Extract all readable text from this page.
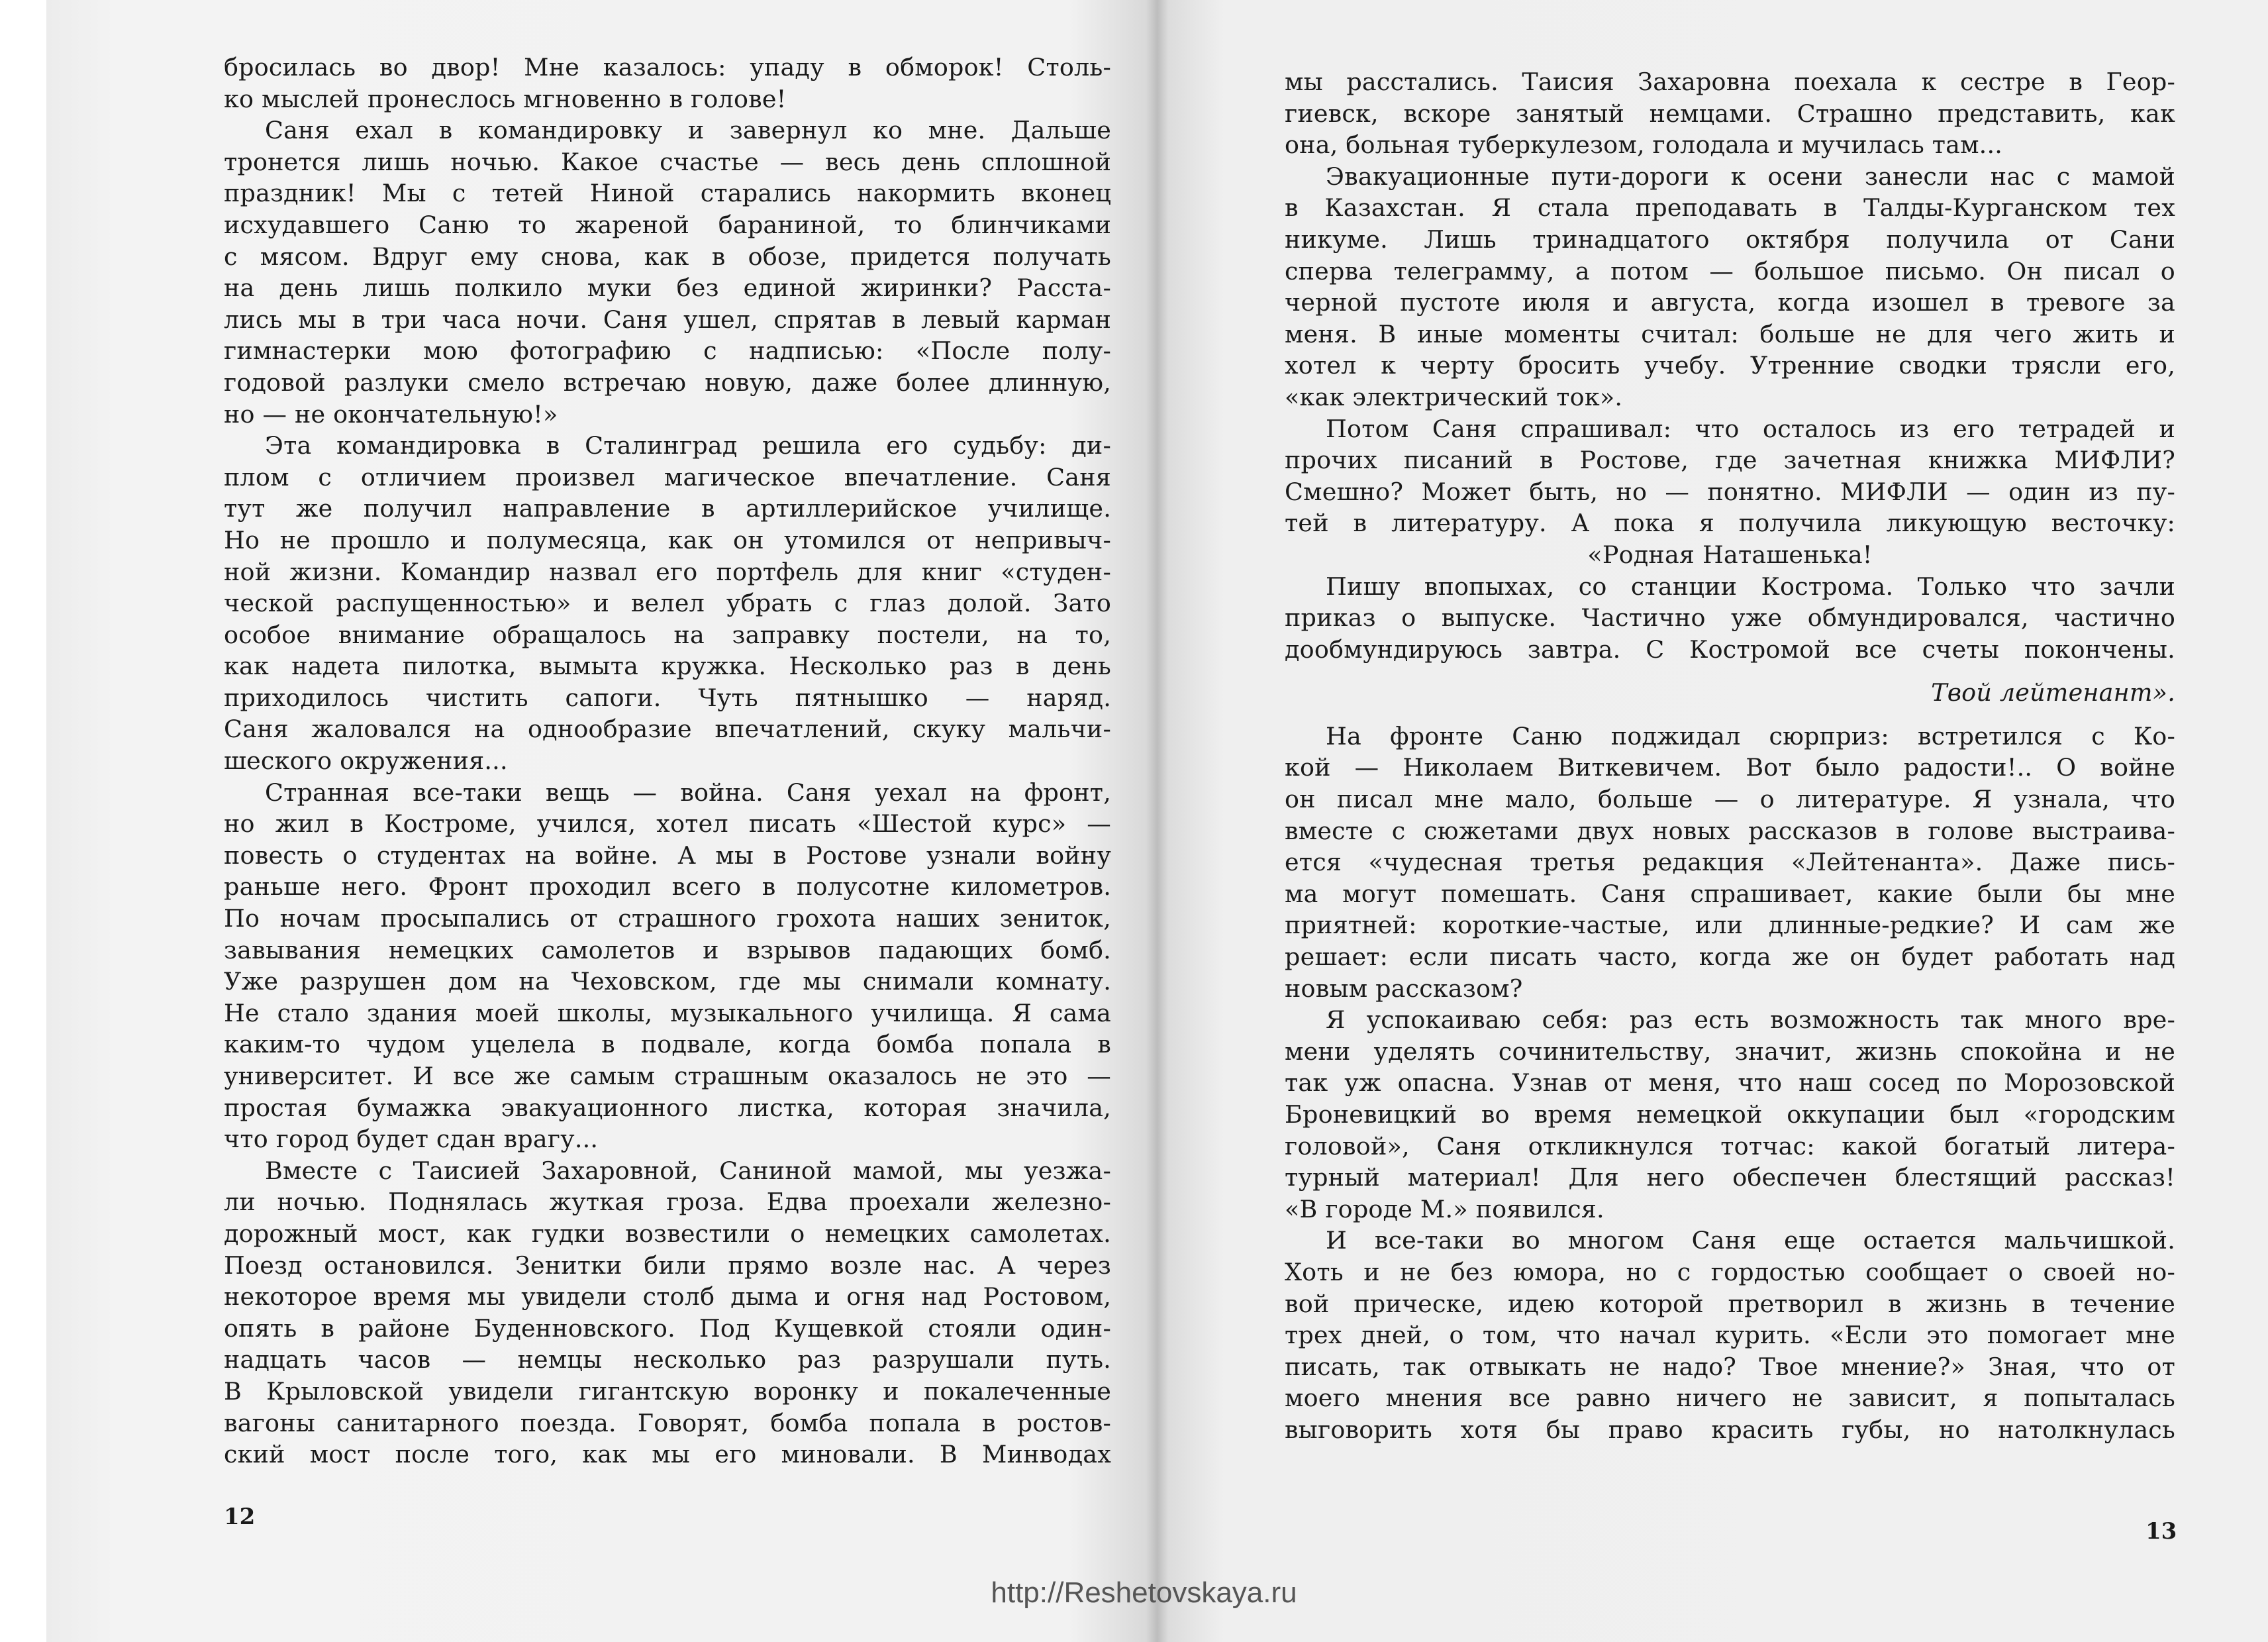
бросилась во двор! Мне казалось: упаду в обморок! Столь-
ко мыслей пронеслось мгновенно в голове!
Саня ехал в командировку и завернул ко мне. Дальше
тронется лишь ночью. Какое счастье — весь день сплошной
праздник! Мы с тетей Ниной старались накормить вконец
исхудавшего Саню то жареной бараниной, то блинчиками
с мясом. Вдруг ему снова, как в обозе, придется получать
на день лишь полкило муки без единой жиринки? Расста-
лись мы в три часа ночи. Саня ушел, спрятав в левый карман
гимнастерки мою фотографию с надписью: «После полу-
годовой разлуки смело встречаю новую, даже более длинную,
но — не окончательную!»
Эта командировка в Сталинград решила его судьбу: ди-
плом с отличием произвел магическое впечатление. Саня
тут же получил направление в артиллерийское училище.
Но не прошло и полумесяца, как он утомился от непривыч-
ной жизни. Командир назвал его портфель для книг «студен-
ческой распущенностью» и велел убрать с глаз долой. Зато
особое внимание обращалось на заправку постели, на то,
как надета пилотка, вымыта кружка. Несколько раз в день
приходилось чистить сапоги. Чуть пятнышко — наряд.
Саня жаловался на однообразие впечатлений, скуку мальчи-
шеского окружения...
Странная все-таки вещь — война. Саня уехал на фронт,
но жил в Костроме, учился, хотел писать «Шестой курс» —
повесть о студентах на войне. А мы в Ростове узнали войну
раньше него. Фронт проходил всего в полусотне километров.
По ночам просыпались от страшного грохота наших зениток,
завывания немецких самолетов и взрывов падающих бомб.
Уже разрушен дом на Чеховском, где мы снимали комнату.
Не стало здания моей школы, музыкального училища. Я сама
каким-то чудом уцелела в подвале, когда бомба попала в
университет. И все же самым страшным оказалось не это —
простая бумажка эвакуационного листка, которая значила,
что город будет сдан врагу...
Вместе с Таисией Захаровной, Саниной мамой, мы уезжа-
ли ночью. Поднялась жуткая гроза. Едва проехали железно-
дорожный мост, как гудки возвестили о немецких самолетах.
Поезд остановился. Зенитки били прямо возле нас. А через
некоторое время мы увидели столб дыма и огня над Ростовом,
опять в районе Буденновского. Под Кущевкой стояли один-
надцать часов — немцы несколько раз разрушали путь.
В Крыловской увидели гигантскую воронку и покалеченные
вагоны санитарного поезда. Говорят, бомба попала в ростов-
ский мост после того, как мы его миновали. В Минводах
мы расстались. Таисия Захаровна поехала к сестре в Геор-
гиевск, вскоре занятый немцами. Страшно представить, как
она, больная туберкулезом, голодала и мучилась там...
Эвакуационные пути-дороги к осени занесли нас с мамой
в Казахстан. Я стала преподавать в Талды-Курганском тех
никуме. Лишь тринадцатого октября получила от Сани
сперва телеграмму, а потом — большое письмо. Он писал о
черной пустоте июля и августа, когда изошел в тревоге за
меня. В иные моменты считал: больше не для чего жить и
хотел к черту бросить учебу. Утренние сводки трясли его,
«как электрический ток».
Потом Саня спрашивал: что осталось из его тетрадей и
прочих писаний в Ростове, где зачетная книжка МИФЛИ?
Смешно? Может быть, но — понятно. МИФЛИ — один из пу-
тей в литературу. А пока я получила ликующую весточку:
«Родная Наташенька!
Пишу впопыхах, со станции Кострома. Только что зачли
приказ о выпуске. Частично уже обмундировался, частично
дообмундируюсь завтра. С Костромой все счеты покончены.
Твой лейтенант».
На фронте Саню поджидал сюрприз: встретился с Ко-
кой — Николаем Виткевичем. Вот было радости!.. О войне
он писал мне мало, больше — о литературе. Я узнала, что
вместе с сюжетами двух новых рассказов в голове выстраива-
ется «чудесная третья редакция «Лейтенанта». Даже пись-
ма могут помешать. Саня спрашивает, какие были бы мне
приятней: короткие-частые, или длинные-редкие? И сам же
решает: если писать часто, когда же он будет работать над
новым рассказом?
Я успокаиваю себя: раз есть возможность так много вре-
мени уделять сочинительству, значит, жизнь спокойна и не
так уж опасна. Узнав от меня, что наш сосед по Морозовской
Броневицкий во время немецкой оккупации был «городским
головой», Саня откликнулся тотчас: какой богатый литера-
турный материал! Для него обеспечен блестящий рассказ!
«В городе М.» появился.
И все-таки во многом Саня еще остается мальчишкой.
Хоть и не без юмора, но с гордостью сообщает о своей но-
вой прическе, идею которой претворил в жизнь в течение
трех дней, о том, что начал курить. «Если это помогает мне
писать, так отвыкать не надо? Твое мнение?» Зная, что от
моего мнения все равно ничего не зависит, я попыталась
выговорить хотя бы право красить губы, но натолкнулась
12
13
http://Reshetovskaya.ru
